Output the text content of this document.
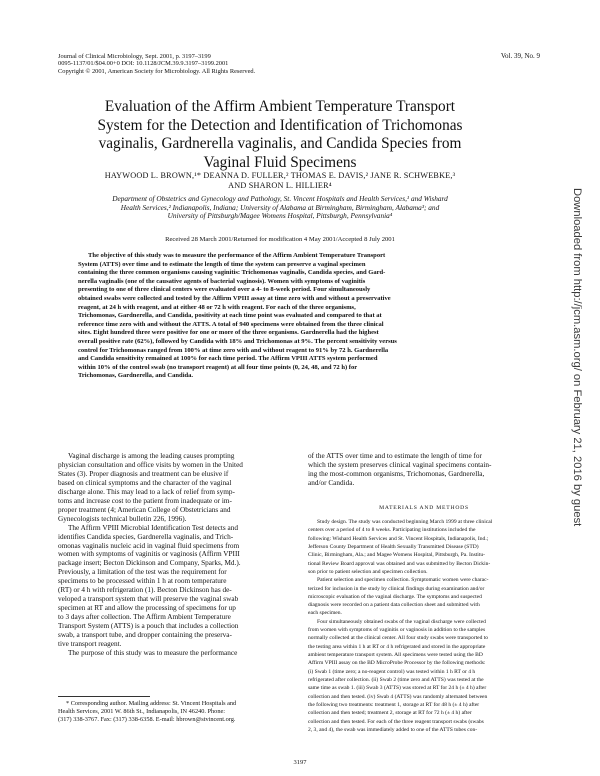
Journal of Clinical Microbiology, Sept. 2001, p. 3197–3199
0095-1137/01/$04.00+0 DOI: 10.1128/JCM.39.9.3197–3199.2001
Copyright © 2001, American Society for Microbiology. All Rights Reserved.
Vol. 39, No. 9
Evaluation of the Affirm Ambient Temperature Transport
System for the Detection and Identification of Trichomonas
vaginalis, Gardnerella vaginalis, and Candida Species from
Vaginal Fluid Specimens
HAYWOOD L. BROWN,¹* DEANNA D. FULLER,² THOMAS E. DAVIS,² JANE R. SCHWEBKE,³
AND SHARON L. HILLIER⁴
Department of Obstetrics and Gynecology and Pathology, St. Vincent Hospitals and Health Services,¹ and Wishard
Health Services,² Indianapolis, Indiana; University of Alabama at Birmingham, Birmingham, Alabama³; and
University of Pittsburgh/Magee Womens Hospital, Pittsburgh, Pennsylvania⁴
Received 28 March 2001/Returned for modification 4 May 2001/Accepted 8 July 2001
The objective of this study was to measure the performance of the Affirm Ambient Temperature Transport
System (ATTS) over time and to estimate the length of time the system can preserve a vaginal specimen
containing the three common organisms causing vaginitis: Trichomonas vaginalis, Candida species, and Gard-
nerella vaginalis (one of the causative agents of bacterial vaginosis). Women with symptoms of vaginitis
presenting to one of three clinical centers were evaluated over a 4- to 8-week period. Four simultaneously
obtained swabs were collected and tested by the Affirm VPIII assay at time zero with and without a preservative
reagent, at 24 h with reagent, and at either 48 or 72 h with reagent. For each of the three organisms,
Trichomonas, Gardnerella, and Candida, positivity at each time point was evaluated and compared to that at
reference time zero with and without the ATTS. A total of 940 specimens were obtained from the three clinical
sites. Eight hundred three were positive for one or more of the three organisms. Gardnerella had the highest
overall positive rate (62%), followed by Candida with 18% and Trichomonas at 9%. The percent sensitivity versus
control for Trichomonas ranged from 100% at time zero with and without reagent to 91% by 72 h. Gardnerella
and Candida sensitivity remained at 100% for each time period. The Affirm VPIII ATTS system performed
within 10% of the control swab (no transport reagent) at all four time points (0, 24, 48, and 72 h) for
Trichomonas, Gardnerella, and Candida.
Vaginal discharge is among the leading causes prompting
physician consultation and office visits by women in the United
States (3). Proper diagnosis and treatment can be elusive if
based on clinical symptoms and the character of the vaginal
discharge alone. This may lead to a lack of relief from symp-
toms and increase cost to the patient from inadequate or im-
proper treatment (4; American College of Obstetricians and
Gynecologists technical bulletin 226, 1996).
The Affirm VPIII Microbial Identification Test detects and
identifies Candida species, Gardnerella vaginalis, and Trich-
omonas vaginalis nucleic acid in vaginal fluid specimens from
women with symptoms of vaginitis or vaginosis (Affirm VPIII
package insert; Becton Dickinson and Company, Sparks, Md.).
Previously, a limitation of the test was the requirement for
specimens to be processed within 1 h at room temperature
(RT) or 4 h with refrigeration (1). Becton Dickinson has de-
veloped a transport system that will preserve the vaginal swab
specimen at RT and allow the processing of specimens for up
to 3 days after collection. The Affirm Ambient Temperature
Transport System (ATTS) is a pouch that includes a collection
swab, a transport tube, and dropper containing the preserva-
tive transport reagent.
The purpose of this study was to measure the performance
of the ATTS over time and to estimate the length of time for
which the system preserves clinical vaginal specimens contain-
ing the most-common organisms, Trichomonas, Gardnerella,
and/or Candida.
MATERIALS AND METHODS
Study design. The study was conducted beginning March 1999 at three clinical
centers over a period of 4 to 8 weeks. Participating institutions included the
following: Wishard Health Services and St. Vincent Hospitals, Indianapolis, Ind.;
Jefferson County Department of Health Sexually Transmitted Disease (STD)
Clinic, Birmingham, Ala.; and Magee Womens Hospital, Pittsburgh, Pa. Institu-
tional Review Board approval was obtained and was submitted by Becton Dickin-
son prior to patient selection and specimen collection.
Patient selection and specimen collection. Symptomatic women were charac-
terized for inclusion in the study by clinical findings during examination and/or
microscopic evaluation of the vaginal discharge. The symptoms and suspected
diagnosis were recorded on a patient data collection sheet and submitted with
each specimen.
Four simultaneously obtained swabs of the vaginal discharge were collected
from women with symptoms of vaginitis or vaginosis in addition to the samples
normally collected at the clinical center. All four study swabs were transported to
the testing area within 1 h at RT or 4 h refrigerated and stored in the appropriate
ambient temperature transport system. All specimens were tested using the BD
Affirm VPIII assay on the BD MicroProbe Processor by the following methods:
(i) Swab 1 (time zero; a no-reagent control) was tested within 1 h RT or 4 h
refrigerated after collection. (ii) Swab 2 (time zero and ATTS) was tested at the
same time as swab 1. (iii) Swab 3 (ATTS) was stored at RT for 24 h (± 4 h) after
collection and then tested. (iv) Swab 4 (ATTS) was randomly alternated between
the following two treatments: treatment 1, storage at RT for 48 h (± 4 h) after
collection and then tested; treatment 2, storage at RT for 72 h (± 4 h) after
collection and then tested. For each of the three reagent transport swabs (swabs
2, 3, and 4), the swab was immediately added to one of the ATTS tubes con-
* Corresponding author. Mailing address: St. Vincent Hospitals and
Health Services, 2001 W. 86th St., Indianapolis, IN 46240. Phone:
(317) 338-3767. Fax: (317) 338-6358. E-mail: hbrown@stvincent.org.
3197
Downloaded from http://jcm.asm.org/ on February 21, 2016 by guest
